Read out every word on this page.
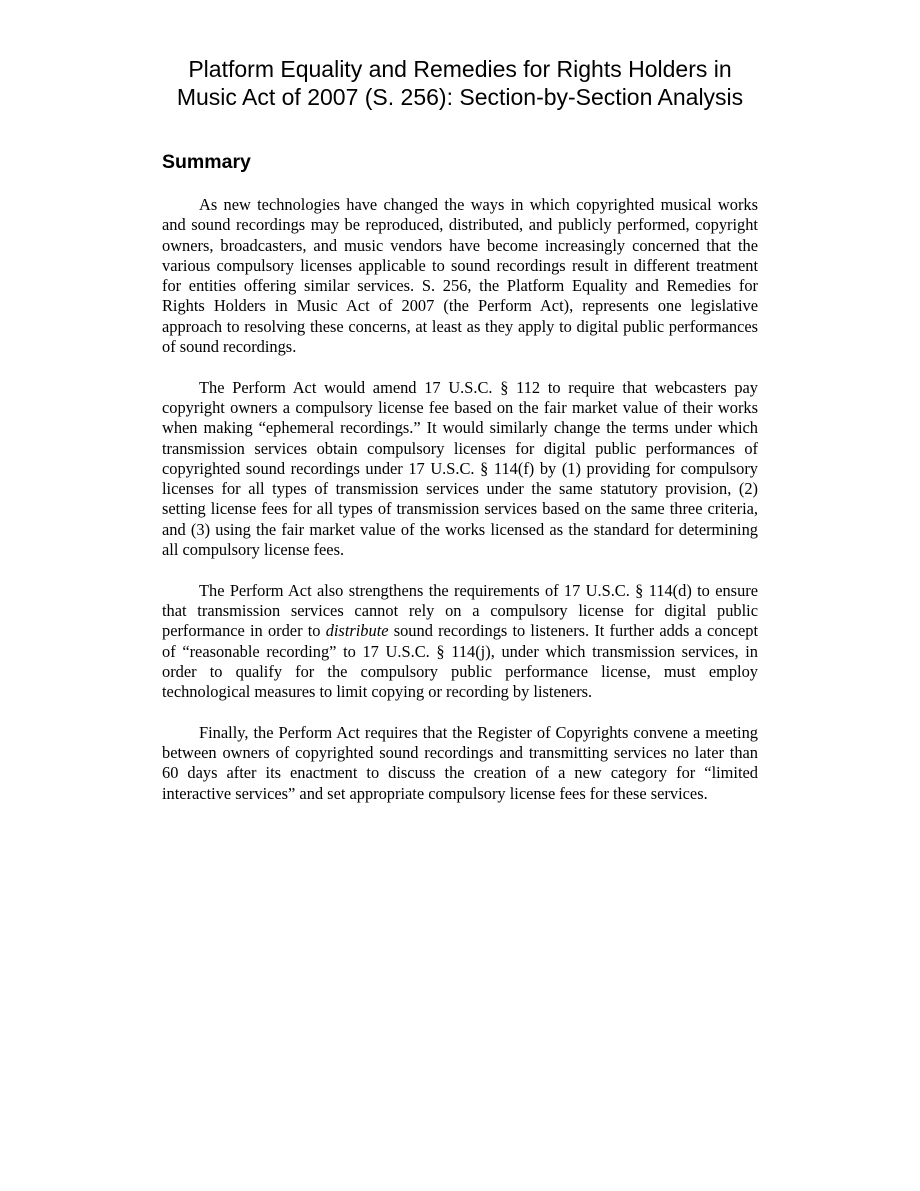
Platform Equality and Remedies for Rights Holders in
Music Act of 2007 (S. 256): Section-by-Section Analysis
Summary

As new technologies have changed the ways in which copyrighted musical works and sound recordings may be reproduced, distributed, and publicly performed, copyright owners, broadcasters, and music vendors have become increasingly concerned that the various compulsory licenses applicable to sound recordings result in different treatment for entities offering similar services. S. 256, the Platform Equality and Remedies for Rights Holders in Music Act of 2007 (the Perform Act), represents one legislative approach to resolving these concerns, at least as they apply to digital public performances of sound recordings.

The Perform Act would amend 17 U.S.C. § 112 to require that webcasters pay copyright owners a compulsory license fee based on the fair market value of their works when making “ephemeral recordings.” It would similarly change the terms under which transmission services obtain compulsory licenses for digital public performances of copyrighted sound recordings under 17 U.S.C. § 114(f) by (1) providing for compulsory licenses for all types of transmission services under the same statutory provision, (2) setting license fees for all types of transmission services based on the same three criteria, and (3) using the fair market value of the works licensed as the standard for determining all compulsory license fees.

The Perform Act also strengthens the requirements of 17 U.S.C. § 114(d) to ensure that transmission services cannot rely on a compulsory license for digital public performance in order to distribute sound recordings to listeners. It further adds a concept of “reasonable recording” to 17 U.S.C. § 114(j), under which transmission services, in order to qualify for the compulsory public performance license, must employ technological measures to limit copying or recording by listeners.

Finally, the Perform Act requires that the Register of Copyrights convene a meeting between owners of copyrighted sound recordings and transmitting services no later than 60 days after its enactment to discuss the creation of a new category for “limited interactive services” and set appropriate compulsory license fees for these services.
